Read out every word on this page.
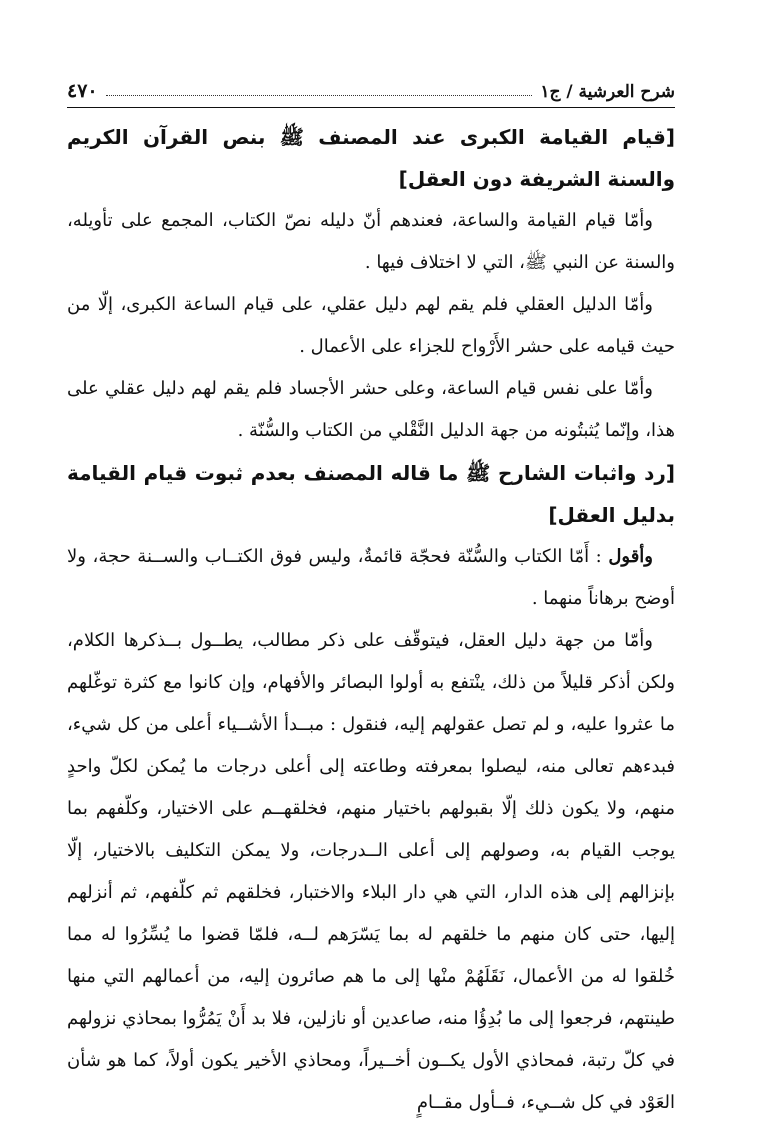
شرح العرشية / ج١
٤٧٠

[قيام القيامة الكبرى عند المصنف ﷺ بنص القرآن الكريم والسنة الشريفة دون العقل]

وأمّا قيام القيامة والساعة، فعندهم أنّ دليله نصّ الكتاب، المجمع على تأويله، والسنة عن النبي ﷺ، التي لا اختلاف فيها .

وأمّا الدليل العقلي فلم يقم لهم دليل عقلي، على قيام الساعة الكبرى، إلّا من حيث قيامه على حشر الأَرْواح للجزاء على الأعمال .

وأمّا على نفس قيام الساعة، وعلى حشر الأجساد فلم يقم لهم دليل عقلي على هذا، وإنّما يُثبتُونه من جهة الدليل النَّقْلي من الكتاب والسُّنّة .

[رد واثبات الشارح ﷺ ما قاله المصنف بعدم ثبوت قيام القيامة بدليل العقل]

وأقول : أَمّا الكتاب والسُّنّة فحجّة قائمةٌ، وليس فوق الكتــاب والســنة حجة، ولا أوضح برهاناً منهما .

وأمّا من جهة دليل العقل، فيتوقّف على ذكر مطالب، يطــول بــذكرها الكلام، ولكن أذكر قليلاً من ذلك، ينْتفع به أولوا البصائر والأفهام، وإن كانوا مع كثرة توغّلهم ما عثروا عليه، و لم تصل عقولهم إليه، فنقول : مبــدأ الأشــياء أعلى من كل شيء، فبدءهم تعالى منه، ليصلوا بمعرفته وطاعته إلى أعلى درجات ما يُمكن لكلّ واحدٍ منهم، ولا يكون ذلك إلّا بقبولهم باختيار منهم، فخلقهــم على الاختيار، وكلّفهم بما يوجب القيام به، وصولهم إلى أعلى الــدرجات، ولا يمكن التكليف بالاختيار، إلّا بإنزالهم إلى هذه الدار، التي هي دار البلاء والاختبار، فخلقهم ثم كلّفهم، ثم أنزلهم إليها، حتى كان منهم ما خلقهم له بما يَسّرَهم لــه، فلمّا قضوا ما يُسِّرُوا له مما خُلقوا له من الأعمال، نَقَلَهُمْ منْها إلى ما هم صائرون إليه، من أعمالهم التي منها طينتهم، فرجعوا إلى ما بُدِؤُا منه، صاعدين أو نازلين، فلا بد أَنْ يَمُرُّوا بمحاذي نزولهم في كلّ رتبة، فمحاذي الأول يكــون أخــيراً، ومحاذي الأخير يكون أولاً، كما هو شأن العَوْد في كل شــيء، فــأول مقــامٍ
